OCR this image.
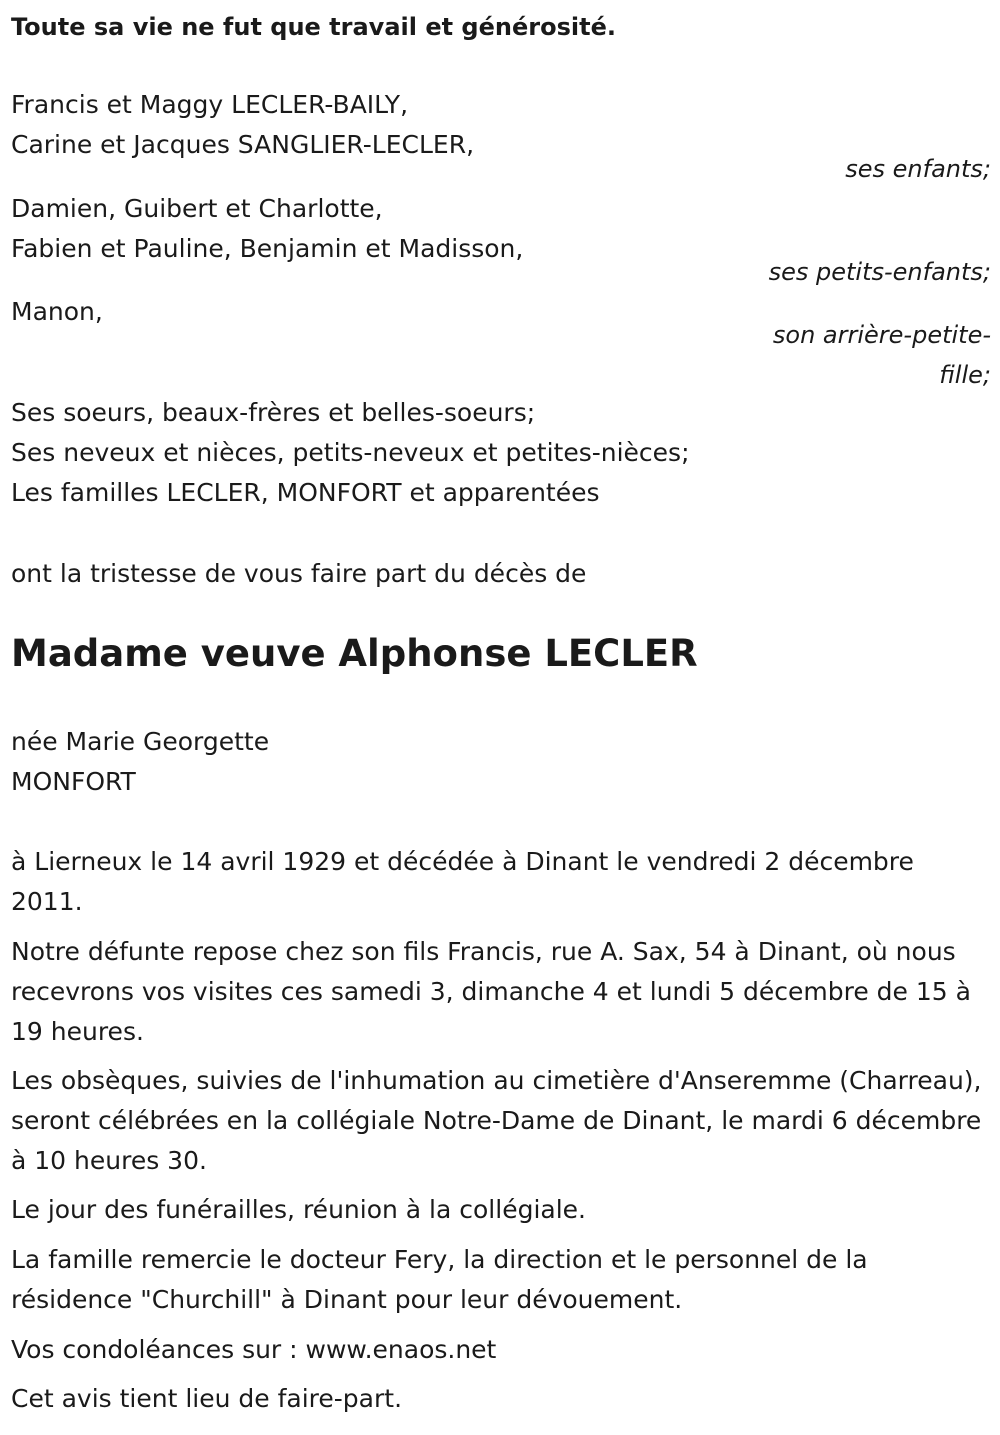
Toute sa vie ne fut que travail et générosité.
Francis et Maggy LECLER-BAILY,
Carine et Jacques SANGLIER-LECLER,
ses enfants;
Damien, Guibert et Charlotte,
Fabien et Pauline, Benjamin et Madisson,
ses petits-enfants;
Manon,
son arrière-petite-
fille;
Ses soeurs, beaux-frères et belles-soeurs;
Ses neveux et nièces, petits-neveux et petites-nièces;
Les familles LECLER, MONFORT et apparentées
ont la tristesse de vous faire part du décès de
Madame veuve Alphonse LECLER
née Marie Georgette
MONFORT
à Lierneux le 14 avril 1929 et décédée à Dinant le vendredi 2 décembre 2011.
Notre défunte repose chez son fils Francis, rue A. Sax, 54 à Dinant, où nous recevrons vos visites ces samedi 3, dimanche 4 et lundi 5 décembre de 15 à 19 heures.
Les obsèques, suivies de l'inhumation au cimetière d'Anseremme (Charreau), seront célébrées en la collégiale Notre-Dame de Dinant, le mardi 6 décembre à 10 heures 30.
Le jour des funérailles, réunion à la collégiale.
La famille remercie le docteur Fery, la direction et le personnel de la résidence "Churchill" à Dinant pour leur dévouement.
Vos condoléances sur : www.enaos.net
Cet avis tient lieu de faire-part.
